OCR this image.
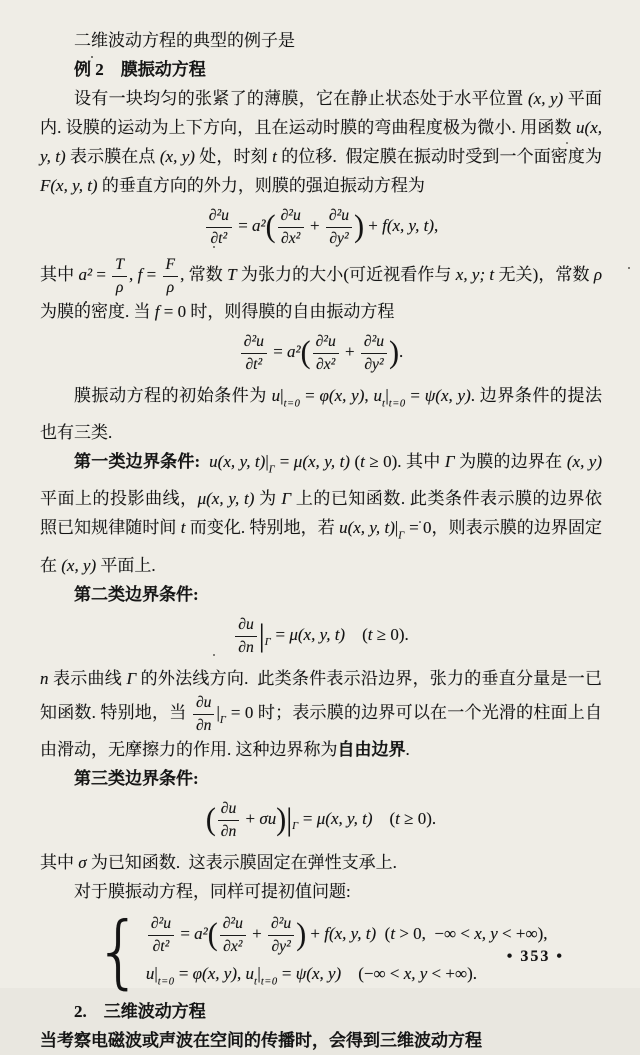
二维波动方程的典型的例子是
例 2　膜振动方程
设有一块均匀的张紧了的薄膜，它在静止状态处于水平位置 (x, y) 平面内. 设膜的运动为上下方向，且在运动时膜的弯曲程度极为微小. 用函数 u(x, y, t) 表示膜在点 (x, y) 处，时刻 t 的位移.  假定膜在振动时受到一个面密度为 F(x, y, t) 的垂直方向的外力，则膜的强迫振动方程为
$\frac{\text{∂²u}}{\text{∂t²}} = a^2( \frac{\text{∂²u}}{\text{∂x²}} + \frac{\text{∂²u}}{\text{∂y²}}$ ) + f(x, y, t),
其中 $a^2 = \frac{T}{\rho}$ , $f = \frac{F}{\rho}$ , 常数 T 为张力的大小(可近视看作与 x, y; t 无关)，常数 ρ 为膜的密度. 当 f = 0 时，则得膜的自由振动方程
$\frac{\text{∂²u}}{\text{∂t²}} = a^2( \frac{\text{∂²u}}{\text{∂x²}} + \frac{\text{∂²u}}{\text{∂y²}}$ ).
膜振动方程的初始条件为 $u|_{t=0} = \varphi(x$, y), $u_t|_{t=0} = \psi(x$, y). 边界条件的提法也有三类.
第一类边界条件: u(x, y, $t)|_\Gamma = \mu(x$, y, t) (t ≥ 0). 其中 Γ 为膜的边界在 (x, y) 平面上的投影曲线，μ(x, y, t) 为 Γ 上的已知函数. 此类条件表示膜的边界依照已知规律随时间 t 而变化. 特别地，若 u(x, y, $t)|_\Gamma = 0$，则表示膜的边界固定在 (x, y) 平面上.
第二类边界条件:
$\frac{\partial u}{\partial n} |_\Gamma = \mu(x$, y, t) (t ≥ 0).
n 表示曲线 Γ 的外法线方向.  此类条件表示沿边界，张力的垂直分量是一已知函数. 特别地，当 $\frac{\partial u}{\partial n} |_\Gamma = 0$ 时；表示膜的边界可以在一个光滑的柱面上自由滑动，无摩擦力的作用. 这种边界称为自由边界.
第三类边界条件:
( $\frac{\partial u}{\partial n} + \sigma u)|_\Gamma = \mu(x$, y, t) (t ≥ 0).
其中 σ 为已知函数.  这表示膜固定在弹性支承上.
对于膜振动方程，同样可提初值问题:
{ $\frac{\text{∂²u}}{\text{∂t²}} = a^2( \frac{\text{∂²u}}{\text{∂x²}} + \frac{\text{∂²u}}{\text{∂y²}}$ ) + f(x, y, t) (t > 0,  −∞ < x, y < +∞),
$u|_{t=0} = \varphi(x$, y), $u_t|_{t=0} = \psi(x$, y) (−∞ < x, y < +∞).
2.　三维波动方程
当考察电磁波或声波在空间的传播时，会得到三维波动方程
• 353 •
